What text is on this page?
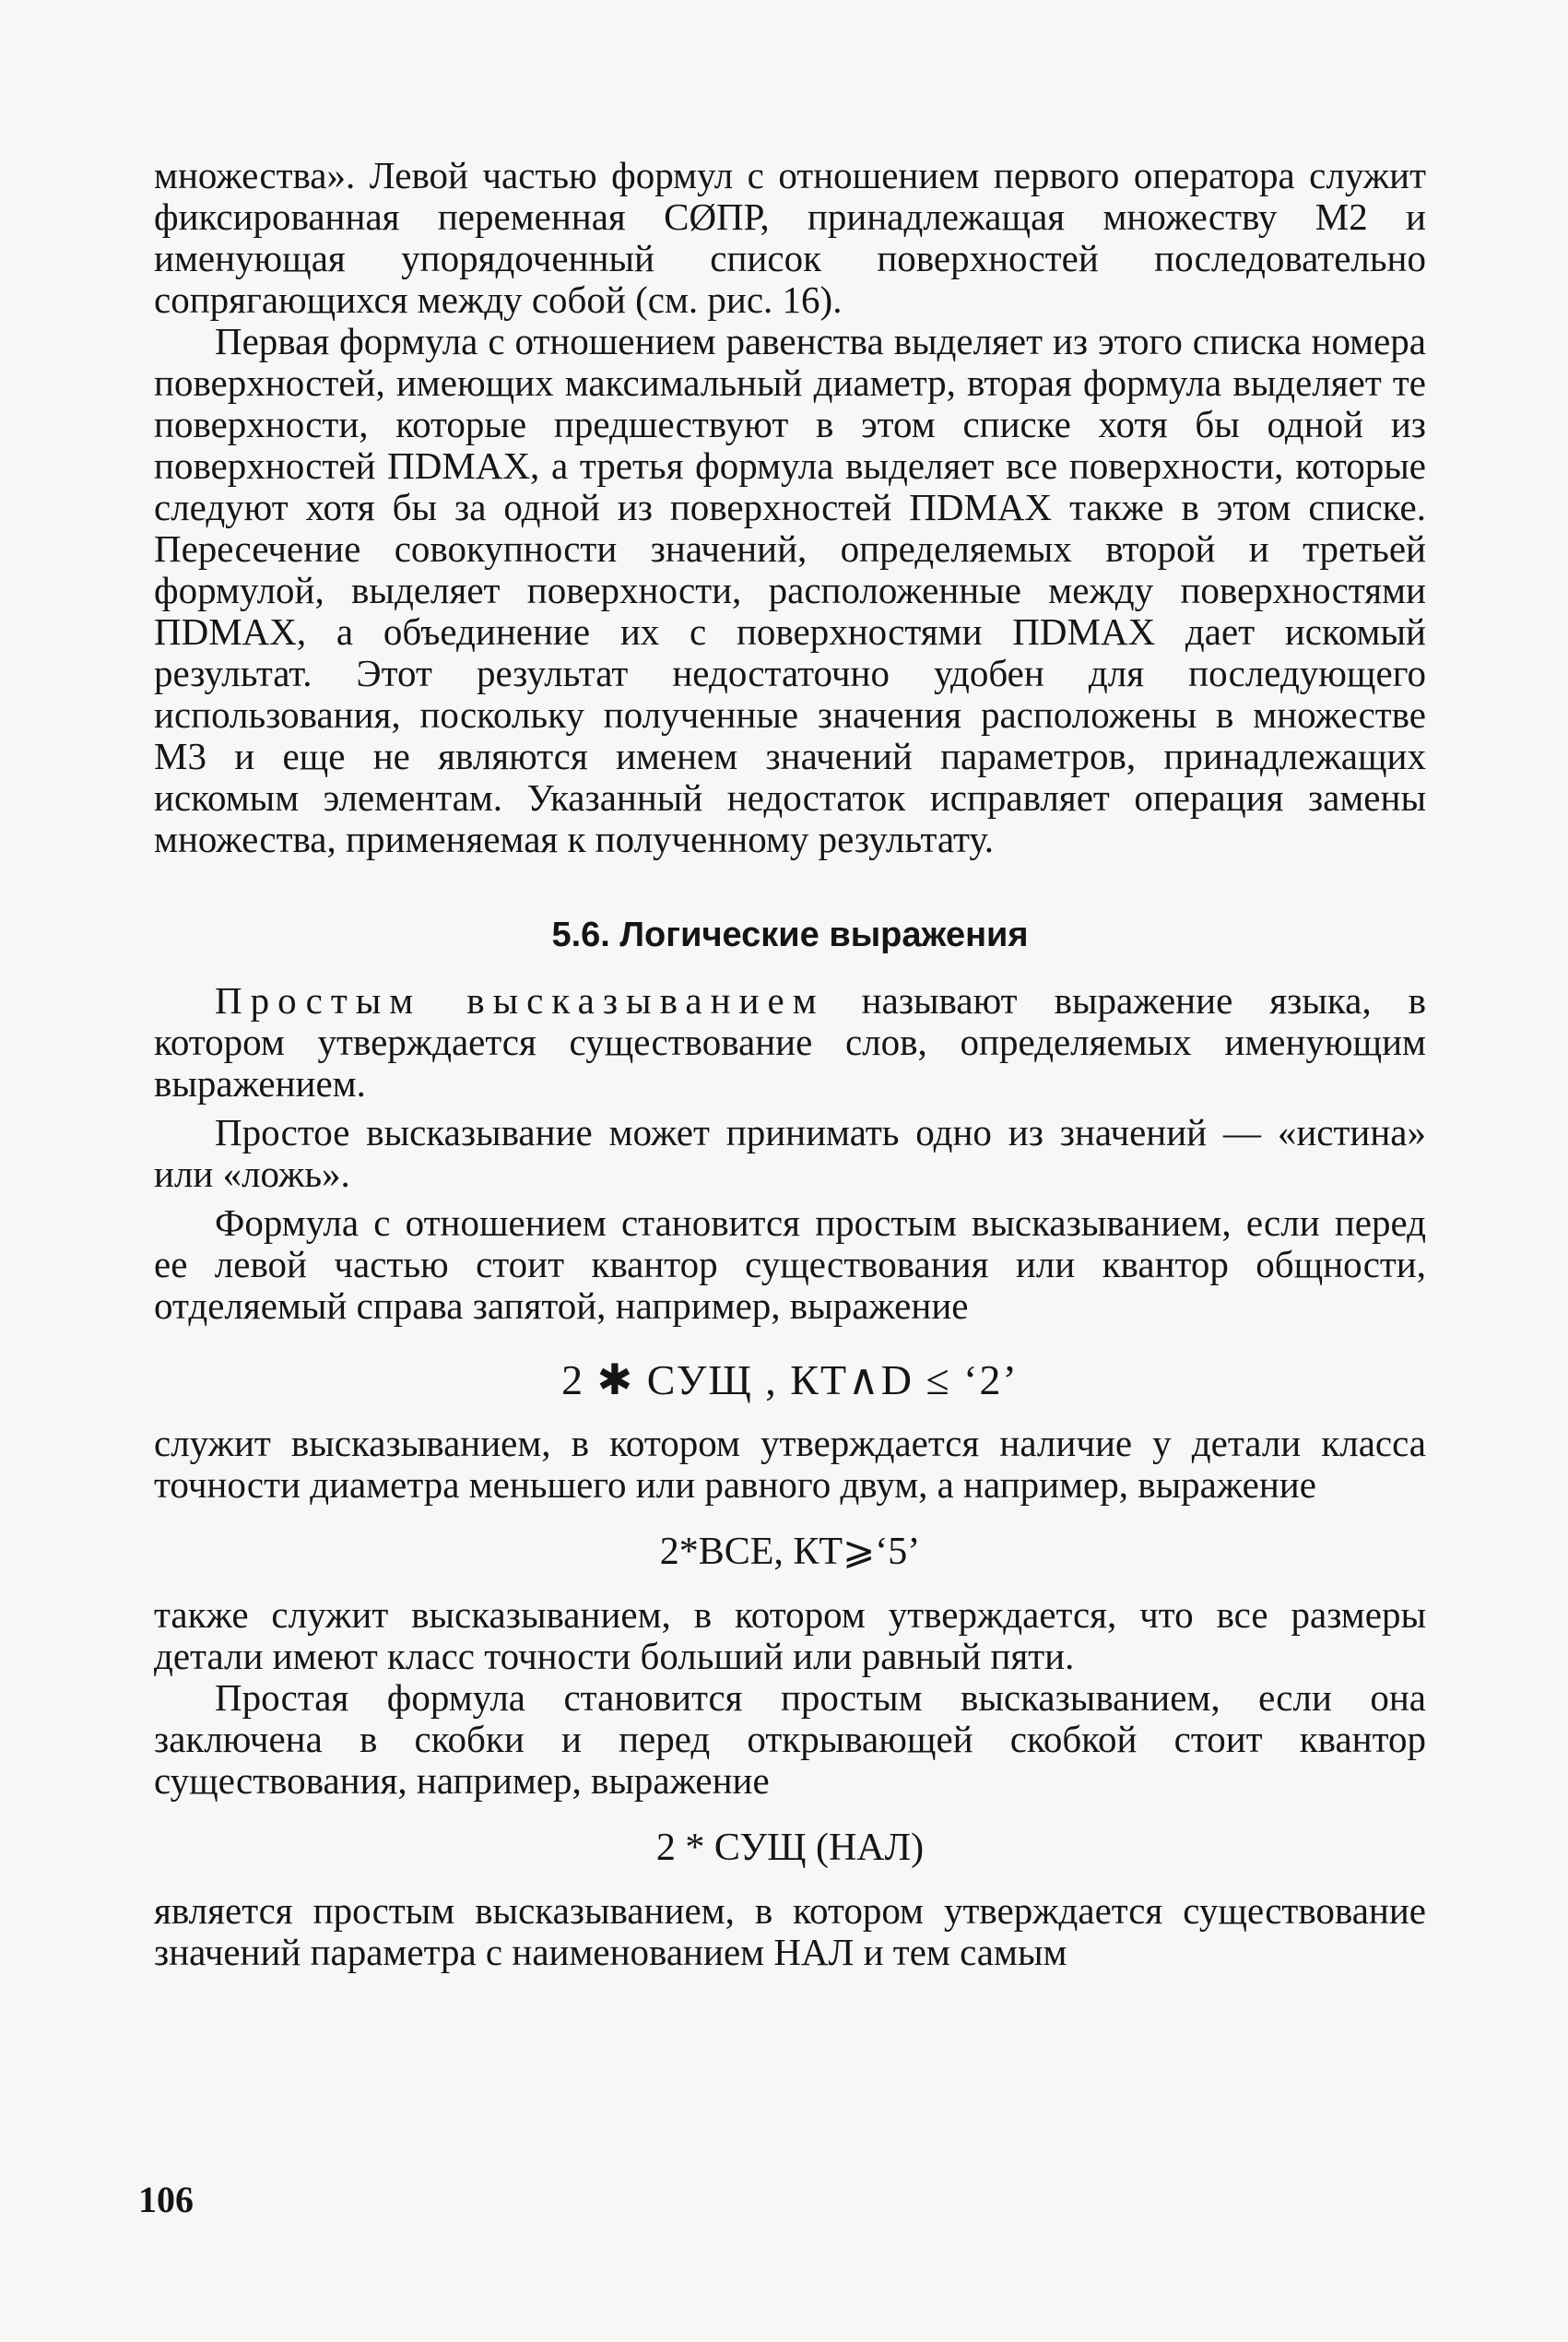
множества». Левой частью формул с отношением первого оператора служит фиксированная переменная CØПР, принадлежащая множеству M2 и именующая упорядоченный список поверхностей последовательно сопрягающихся между собой (см. рис. 16).

Первая формула с отношением равенства выделяет из этого списка номера поверхностей, имеющих максимальный диаметр, вторая формула выделяет те поверхности, которые предшествуют в этом списке хотя бы одной из поверхностей ПDMAX, а третья формула выделяет все поверхности, которые следуют хотя бы за одной из поверхностей ПDMAX также в этом списке. Пересечение совокупности значений, определяемых второй и третьей формулой, выделяет поверхности, расположенные между поверхностями ПDMAX, а объединение их с поверхностями ПDMAX дает искомый результат. Этот результат недостаточно удобен для последующего использования, поскольку полученные значения расположены в множестве M3 и еще не являются именем значений параметров, принадлежащих искомым элементам. Указанный недостаток исправляет операция замены множества, применяемая к полученному результату.

5.6. Логические выражения

Простым высказыванием называют выражение языка, в котором утверждается существование слов, определяемых именующим выражением.

Простое высказывание может принимать одно из значений — «истина» или «ложь».

Формула с отношением становится простым высказыванием, если перед ее левой частью стоит квантор существования или квантор общности, отделяемый справа запятой, например, выражение

2 ✱ СУЩ , КТ∧D ≤ ‘2’

служит высказыванием, в котором утверждается наличие у детали класса точности диаметра меньшего или равного двум, а например, выражение

2*ВСЕ, КТ⩾‘5’

также служит высказыванием, в котором утверждается, что все размеры детали имеют класс точности больший или равный пяти.

Простая формула становится простым высказыванием, если она заключена в скобки и перед открывающей скобкой стоит квантор существования, например, выражение

2 * СУЩ (НАЛ)

является простым высказыванием, в котором утверждается существование значений параметра с наименованием НАЛ и тем самым

106
